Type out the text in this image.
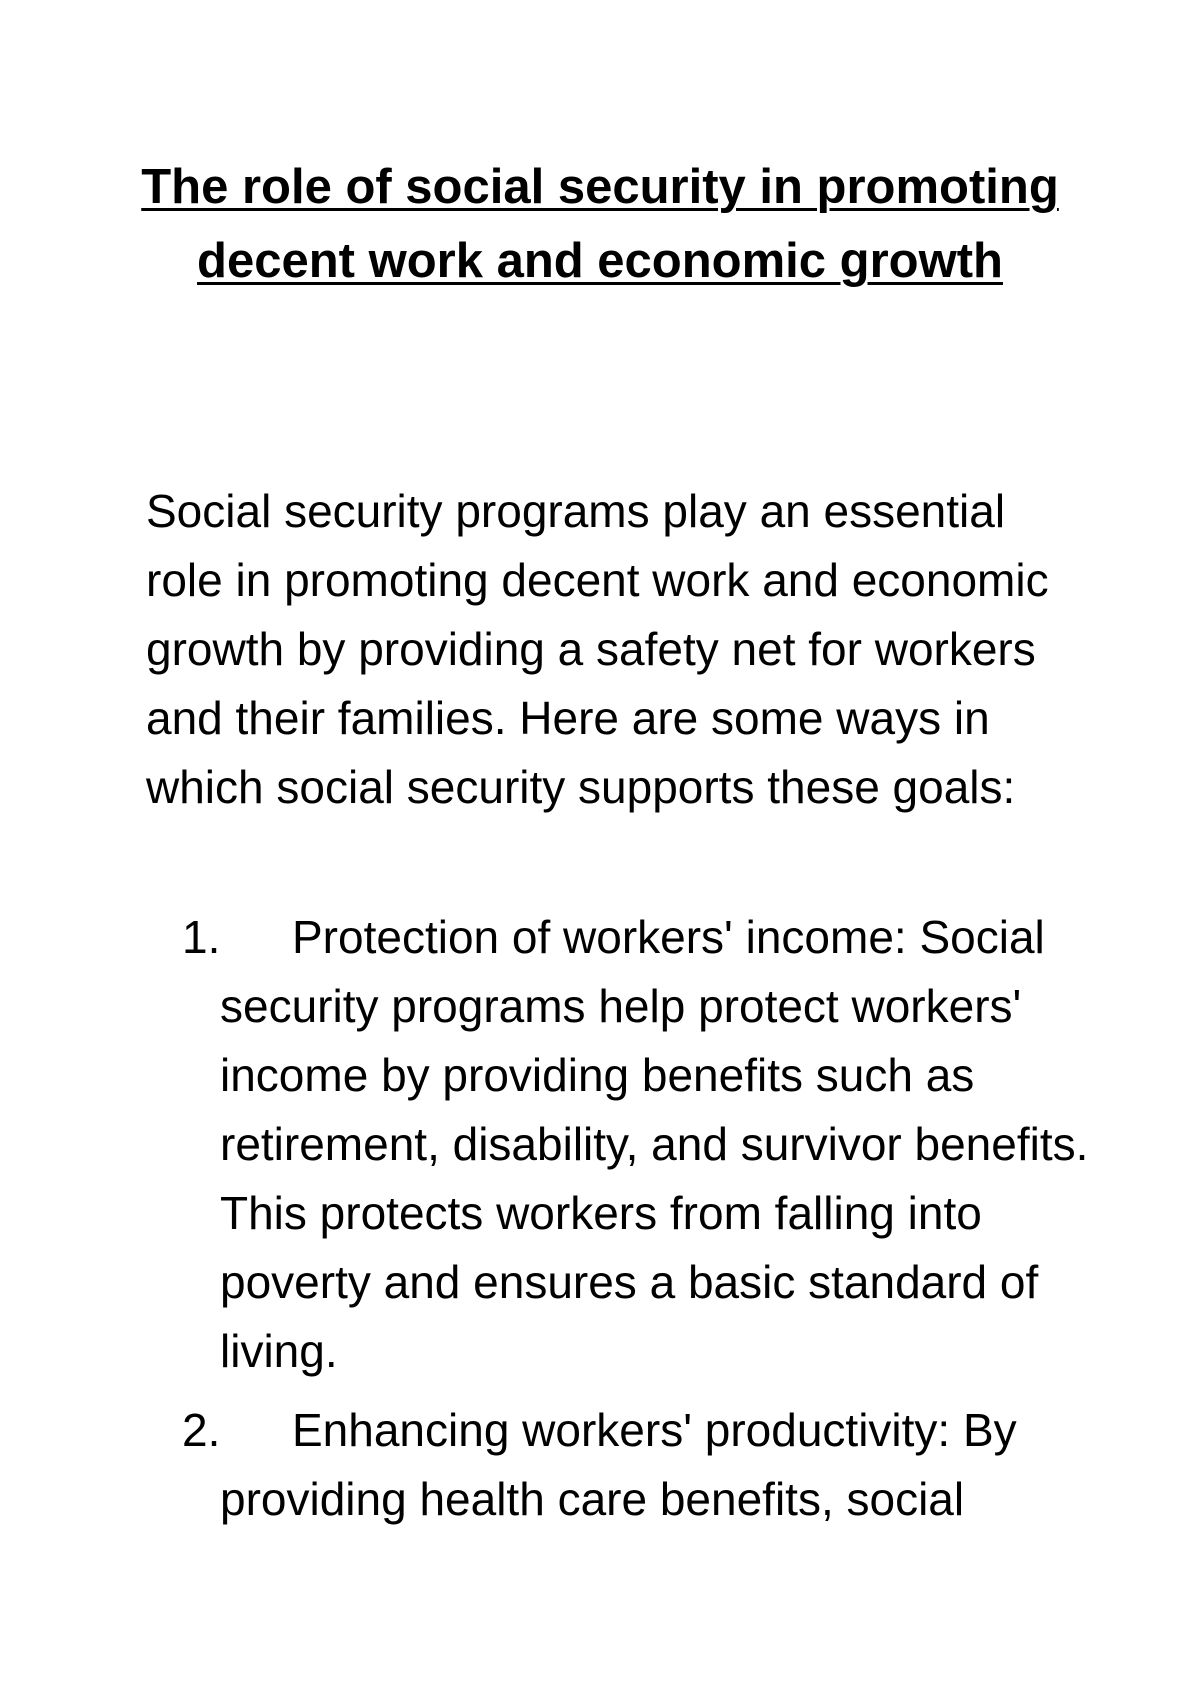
The role of social security in promoting decent work and economic growth

Social security programs play an essential role in promoting decent work and economic growth by providing a safety net for workers and their families. Here are some ways in which social security supports these goals:

1. Protection of workers' income: Social security programs help protect workers' income by providing benefits such as retirement, disability, and survivor benefits. This protects workers from falling into poverty and ensures a basic standard of living.
2. Enhancing workers' productivity: By providing health care benefits, social
